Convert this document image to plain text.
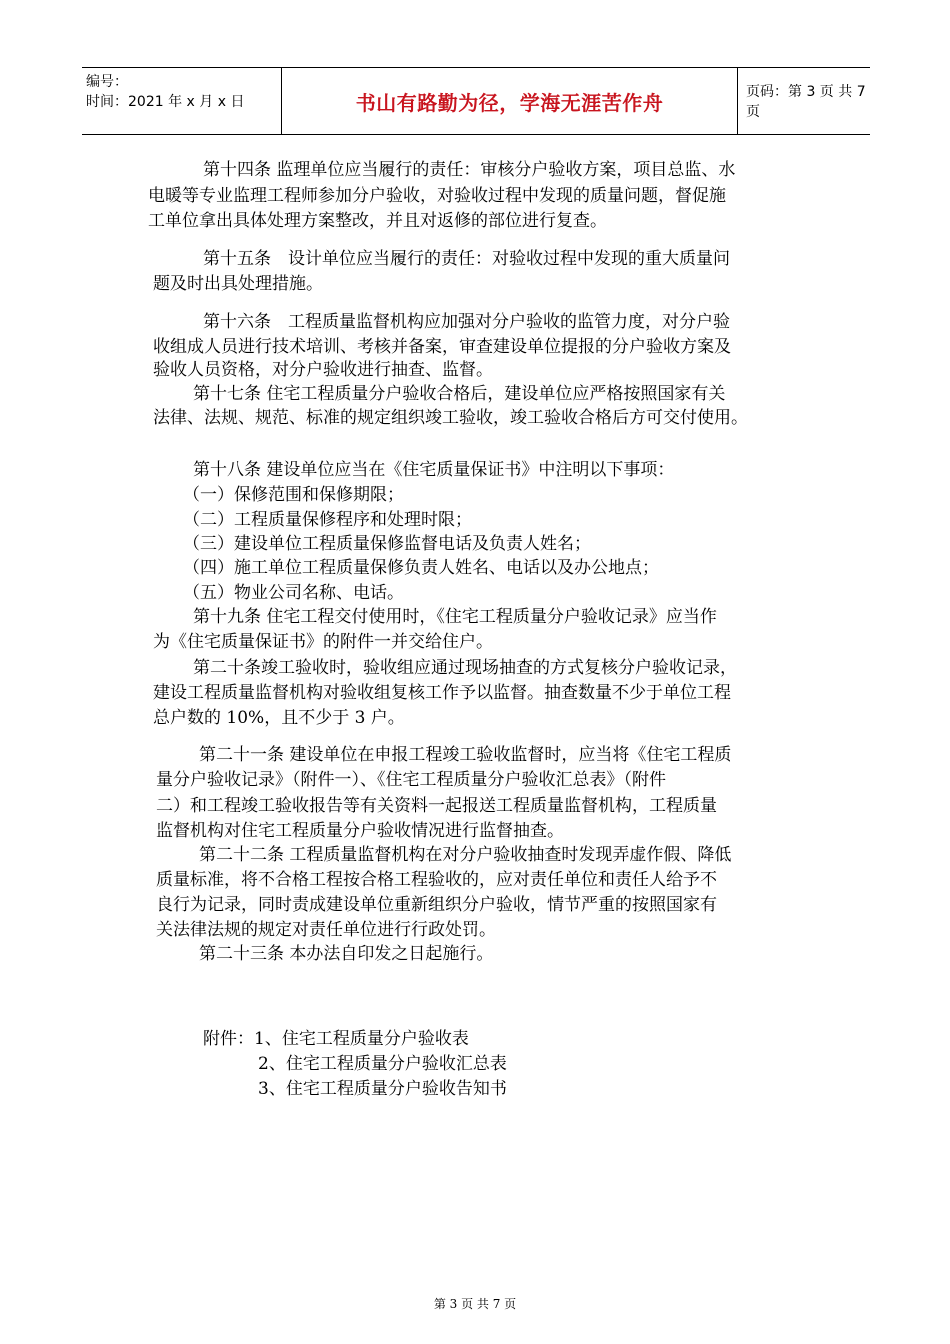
编号：
时间：2021 年 x 月 x 日	书山有路勤为径，学海无涯苦作舟	页码：第 3 页 共 7 页

第十四条 监理单位应当履行的责任：审核分户验收方案，项目总监、水

电暖等专业监理工程师参加分户验收，对验收过程中发现的质量问题，督促施

工单位拿出具体处理方案整改，并且对返修的部位进行复查。

第十五条　设计单位应当履行的责任：对验收过程中发现的重大质量问

题及时出具处理措施。

第十六条　工程质量监督机构应加强对分户验收的监管力度，对分户验

收组成人员进行技术培训、考核并备案，审查建设单位提报的分户验收方案及

验收人员资格，对分户验收进行抽查、监督。

第十七条 住宅工程质量分户验收合格后，建设单位应严格按照国家有关

法律、法规、规范、标准的规定组织竣工验收，竣工验收合格后方可交付使用。

第十八条 建设单位应当在《住宅质量保证书》中注明以下事项：

（一）保修范围和保修期限；

（二）工程质量保修程序和处理时限；

（三）建设单位工程质量保修监督电话及负责人姓名；

（四）施工单位工程质量保修负责人姓名、电话以及办公地点；

（五）物业公司名称、电话。

第十九条 住宅工程交付使用时，《住宅工程质量分户验收记录》应当作

为《住宅质量保证书》的附件一并交给住户。

第二十条竣工验收时，验收组应通过现场抽查的方式复核分户验收记录，

建设工程质量监督机构对验收组复核工作予以监督。抽查数量不少于单位工程

总户数的 10%，且不少于 3 户。

第二十一条 建设单位在申报工程竣工验收监督时，应当将《住宅工程质

量分户验收记录》（附件一）、《住宅工程质量分户验收汇总表》（附件

二）和工程竣工验收报告等有关资料一起报送工程质量监督机构，工程质量

监督机构对住宅工程质量分户验收情况进行监督抽查。

第二十二条 工程质量监督机构在对分户验收抽查时发现弄虚作假、降低

质量标准，将不合格工程按合格工程验收的，应对责任单位和责任人给予不

良行为记录，同时责成建设单位重新组织分户验收，情节严重的按照国家有

关法律法规的规定对责任单位进行行政处罚。

第二十三条 本办法自印发之日起施行。

附件：1、住宅工程质量分户验收表

2、住宅工程质量分户验收汇总表

3、住宅工程质量分户验收告知书

第 3 页 共 7 页
